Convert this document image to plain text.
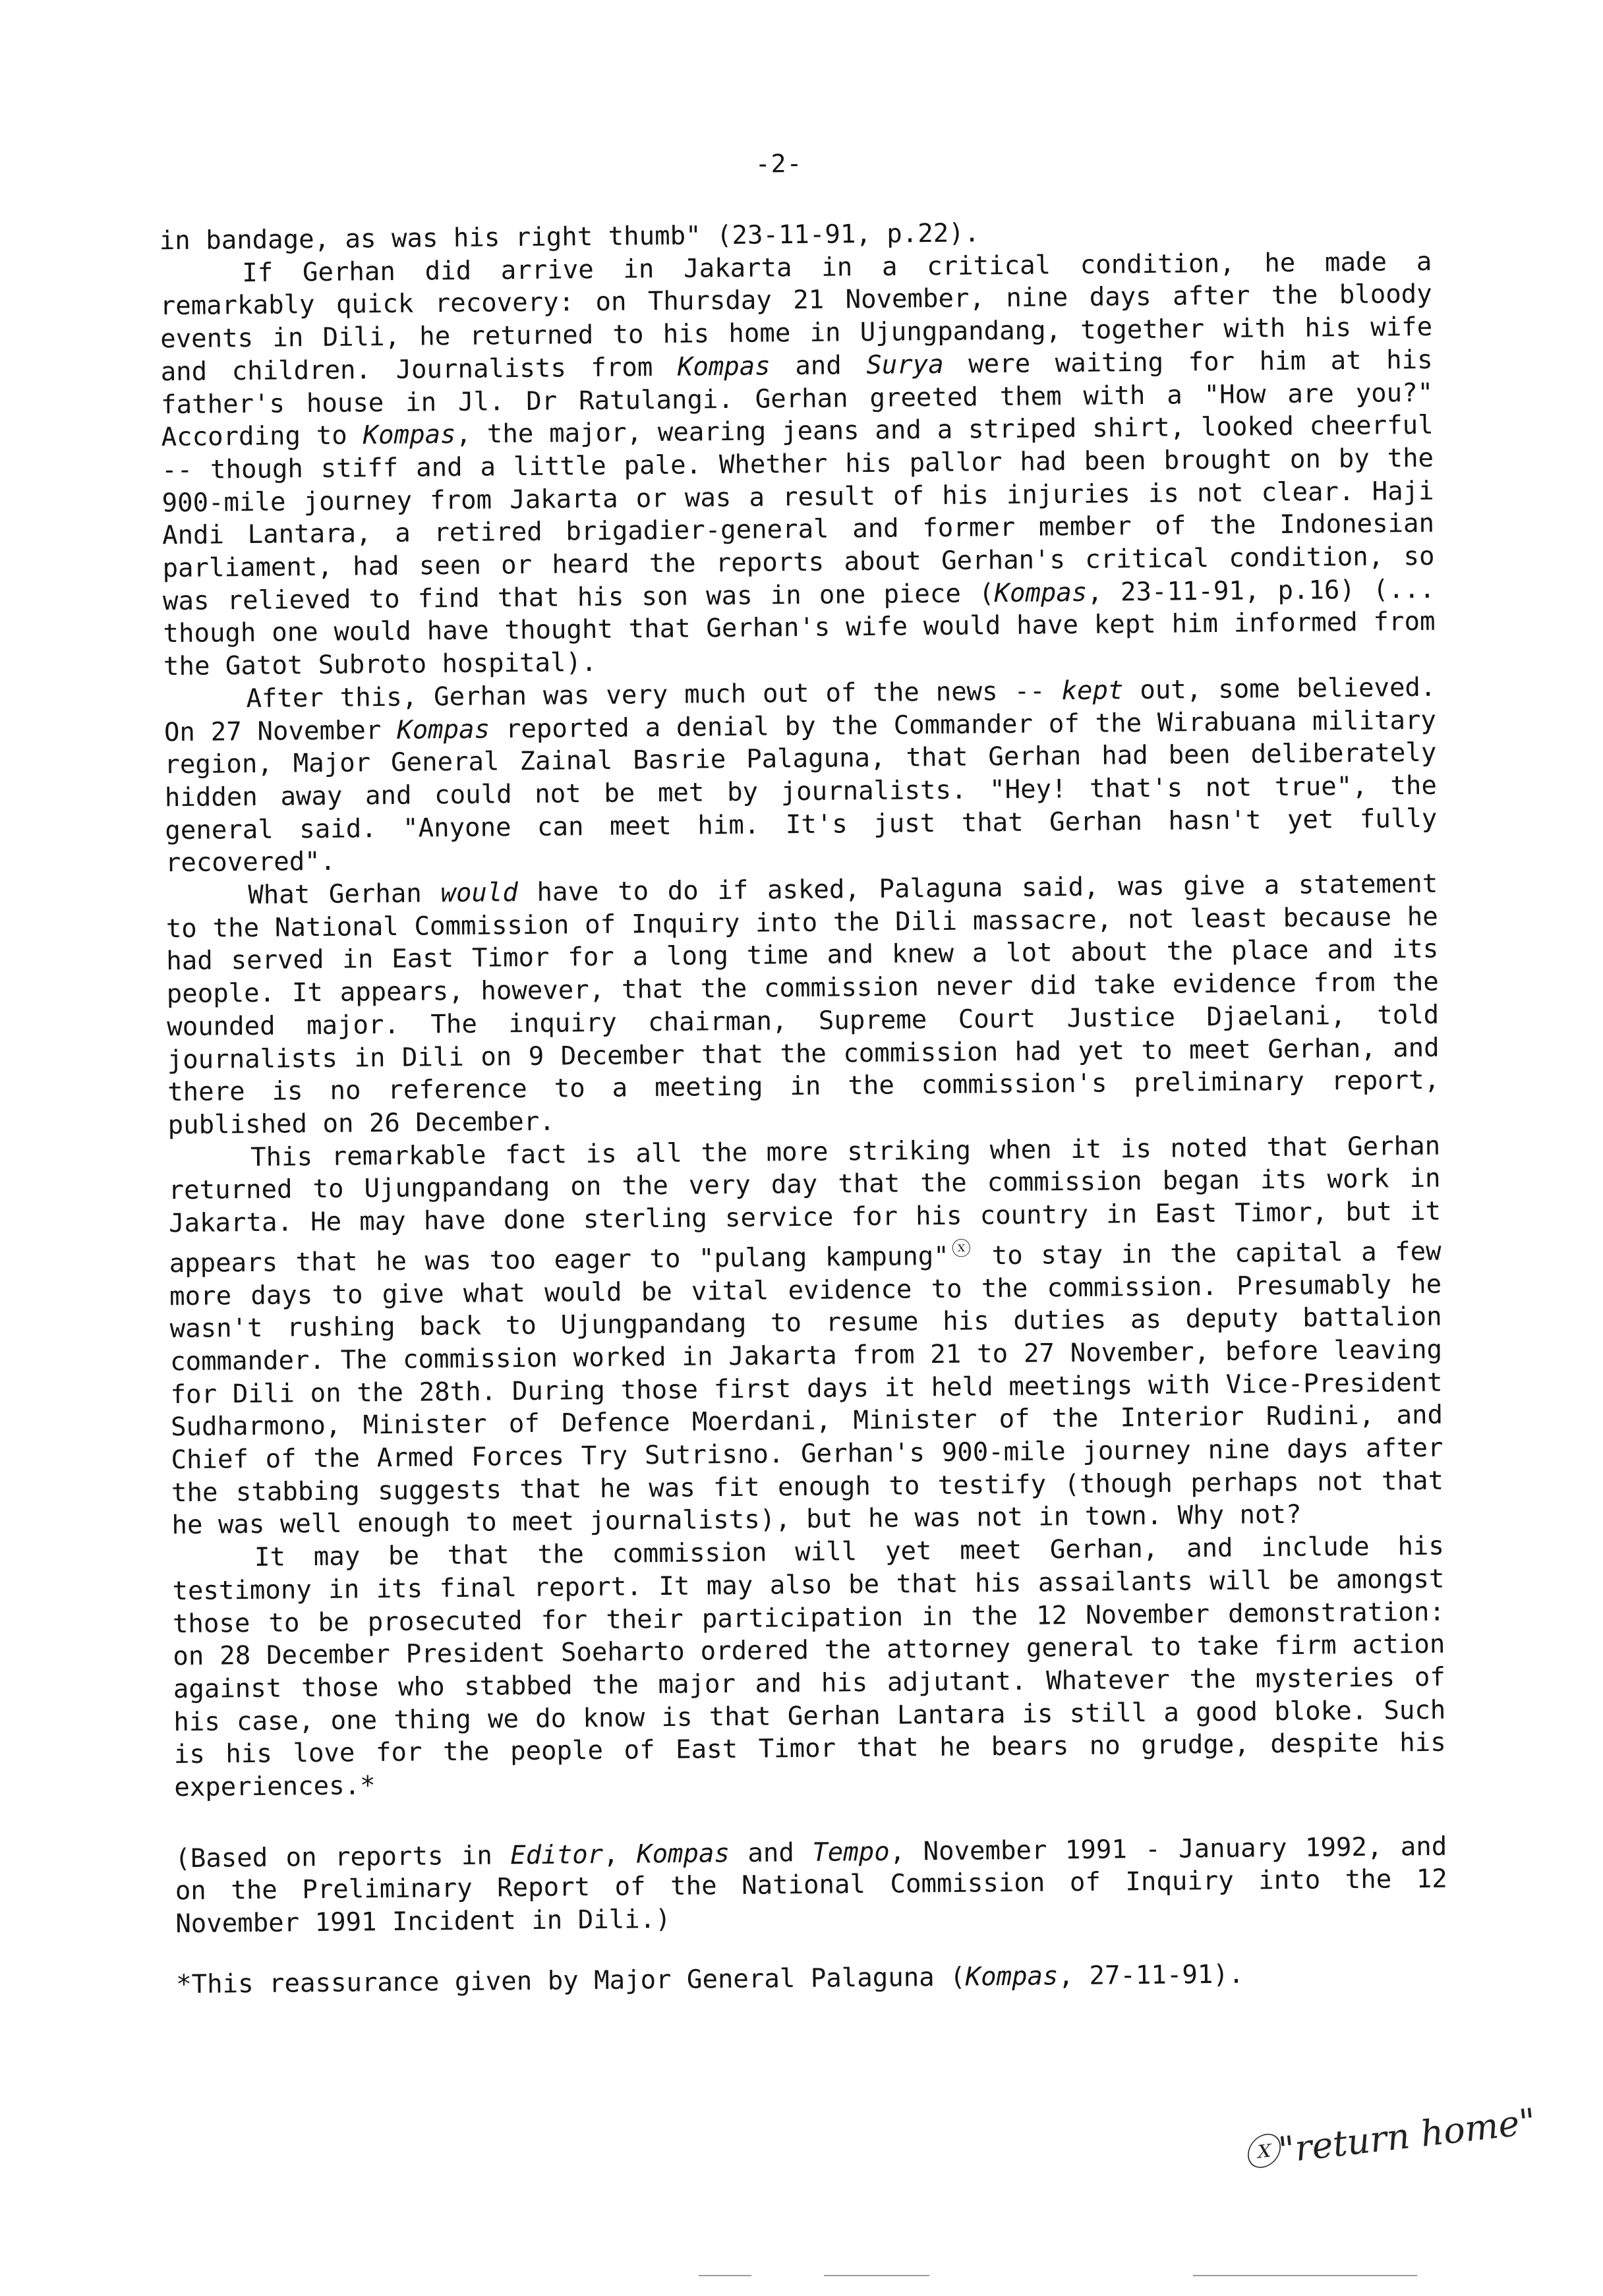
-2-

in bandage, as was his right thumb" (23-11-91, p.22).

If Gerhan did arrive in Jakarta in a critical condition, he made a remarkably quick recovery: on Thursday 21 November, nine days after the bloody events in Dili, he returned to his home in Ujungpandang, together with his wife and children. Journalists from Kompas and Surya were waiting for him at his father's house in Jl. Dr Ratulangi. Gerhan greeted them with a "How are you?" According to Kompas, the major, wearing jeans and a striped shirt, looked cheerful -- though stiff and a little pale. Whether his pallor had been brought on by the 900-mile journey from Jakarta or was a result of his injuries is not clear. Haji Andi Lantara, a retired brigadier-general and former member of the Indonesian parliament, had seen or heard the reports about Gerhan's critical condition, so was relieved to find that his son was in one piece (Kompas, 23-11-91, p.16) (... though one would have thought that Gerhan's wife would have kept him informed from the Gatot Subroto hospital).

After this, Gerhan was very much out of the news -- kept out, some believed. On 27 November Kompas reported a denial by the Commander of the Wirabuana military region, Major General Zainal Basrie Palaguna, that Gerhan had been deliberately hidden away and could not be met by journalists. "Hey! that's not true", the general said. "Anyone can meet him. It's just that Gerhan hasn't yet fully recovered".

What Gerhan would have to do if asked, Palaguna said, was give a statement to the National Commission of Inquiry into the Dili massacre, not least because he had served in East Timor for a long time and knew a lot about the place and its people. It appears, however, that the commission never did take evidence from the wounded major. The inquiry chairman, Supreme Court Justice Djaelani, told journalists in Dili on 9 December that the commission had yet to meet Gerhan, and there is no reference to a meeting in the commission's preliminary report, published on 26 December.

This remarkable fact is all the more striking when it is noted that Gerhan returned to Ujungpandang on the very day that the commission began its work in Jakarta. He may have done sterling service for his country in East Timor, but it appears that he was too eager to "pulang kampung"ⓧ to stay in the capital a few more days to give what would be vital evidence to the commission. Presumably he wasn't rushing back to Ujungpandang to resume his duties as deputy battalion commander. The commission worked in Jakarta from 21 to 27 November, before leaving for Dili on the 28th. During those first days it held meetings with Vice-President Sudharmono, Minister of Defence Moerdani, Minister of the Interior Rudini, and Chief of the Armed Forces Try Sutrisno. Gerhan's 900-mile journey nine days after the stabbing suggests that he was fit enough to testify (though perhaps not that he was well enough to meet journalists), but he was not in town. Why not?

It may be that the commission will yet meet Gerhan, and include his testimony in its final report. It may also be that his assailants will be amongst those to be prosecuted for their participation in the 12 November demonstration: on 28 December President Soeharto ordered the attorney general to take firm action against those who stabbed the major and his adjutant. Whatever the mysteries of his case, one thing we do know is that Gerhan Lantara is still a good bloke. Such is his love for the people of East Timor that he bears no grudge, despite his experiences.*

(Based on reports in Editor, Kompas and Tempo, November 1991 - January 1992, and on the Preliminary Report of the National Commission of Inquiry into the 12 November 1991 Incident in Dili.)

*This reassurance given by Major General Palaguna (Kompas, 27-11-91).

ⓧ"return home"
